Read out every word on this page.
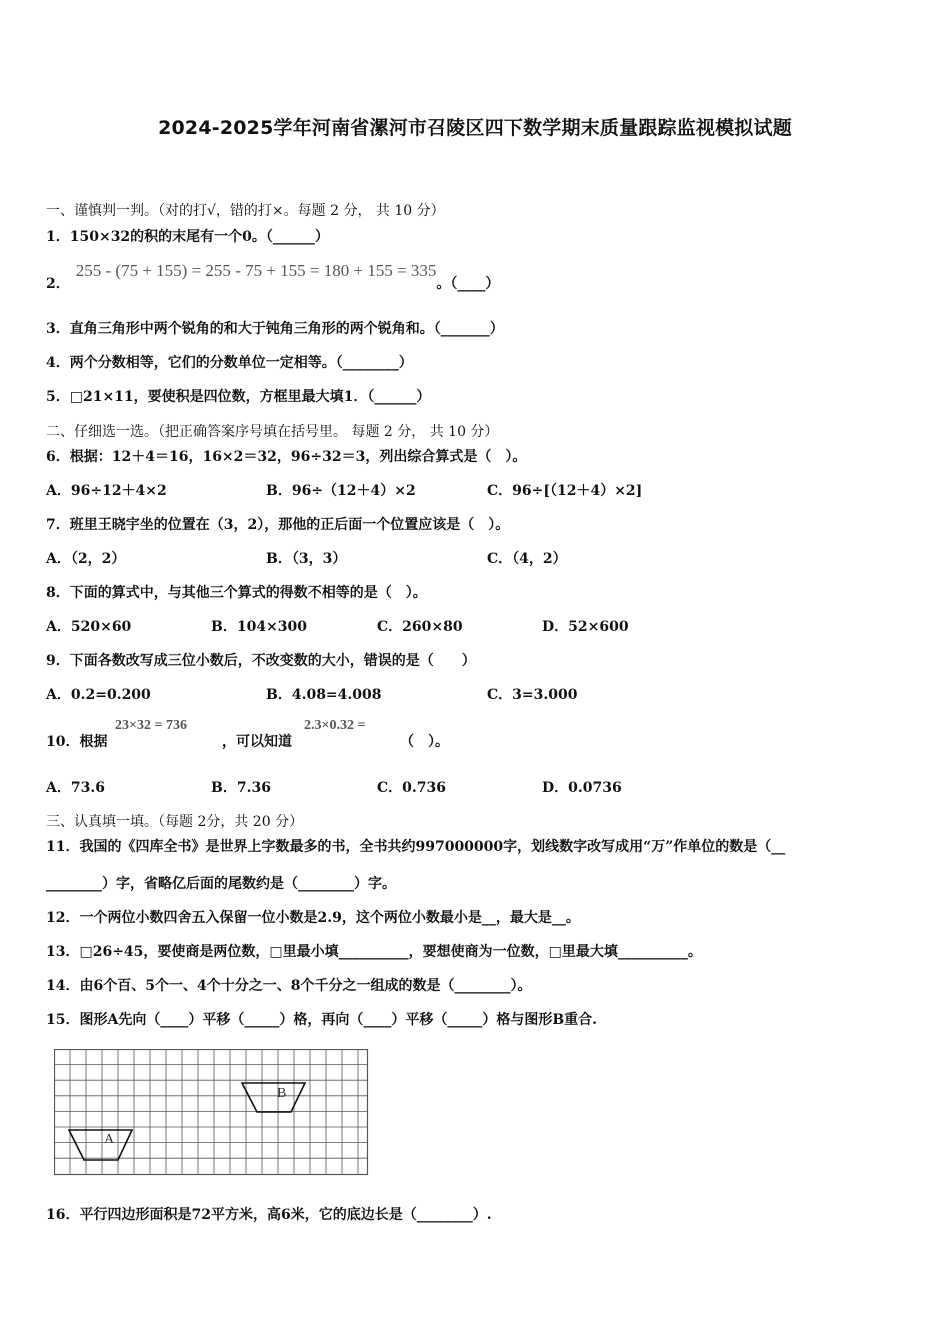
2024-2025学年河南省漯河市召陵区四下数学期末质量跟踪监视模拟试题
一、谨慎判一判。（对的打√，错的打×。每题 2 分， 共 10 分）
1．150×32的积的末尾有一个0。（______）
2．255 - (75 + 155) = 255 - 75 + 155 = 180 + 155 = 335。（____）
3．直角三角形中两个锐角的和大于钝角三角形的两个锐角和。（_______）
4．两个分数相等，它们的分数单位一定相等。（________）
5．□21×11，要使积是四位数，方框里最大填1．（______）
二、仔细选一选。（把正确答案序号填在括号里。 每题 2 分， 共 10 分）
6．根据：12＋4＝16，16×2＝32，96÷32＝3，列出综合算式是（　）。
A．96÷12＋4×2	B．96÷（12＋4）×2	C．96÷[（12＋4）×2]
7．班里王晓宇坐的位置在（3，2），那他的正后面一个位置应该是（　）。
A．（2，2）	B．（3，3）	C．（4，2）
8．下面的算式中，与其他三个算式的得数不相等的是（　）。
A．520×60	B．104×300	C．260×80	D．52×600
9．下面各数改写成三位小数后，不改变数的大小，错误的是（　　）
A．0.2=0.200	B．4.08=4.008	C．3=3.000
10．根据
23×32 = 736
，可以知道
2.3×0.32 =
（　）。
A．73.6	B．7.36	C．0.736	D．0.0736
三、认真填一填。（每题 2分，共 20 分）
11．我国的《四库全书》是世界上字数最多的书，全书共约997000000字，划线数字改写成用“万”作单位的数是（__
________）字，省略亿后面的尾数约是（________）字。
12．一个两位小数四舍五入保留一位小数是2.9，这个两位小数最小是__，最大是__。
13．□26÷45，要使商是两位数，□里最小填__________，要想使商为一位数，□里最大填__________。
14．由6个百、5个一、4个十分之一、8个千分之一组成的数是（________）。
15．图形A先向（____）平移（_____）格，再向（____）平移（_____）格与图形B重合.
B
A
16．平行四边形面积是72平方米，高6米，它的底边长是（________）.
